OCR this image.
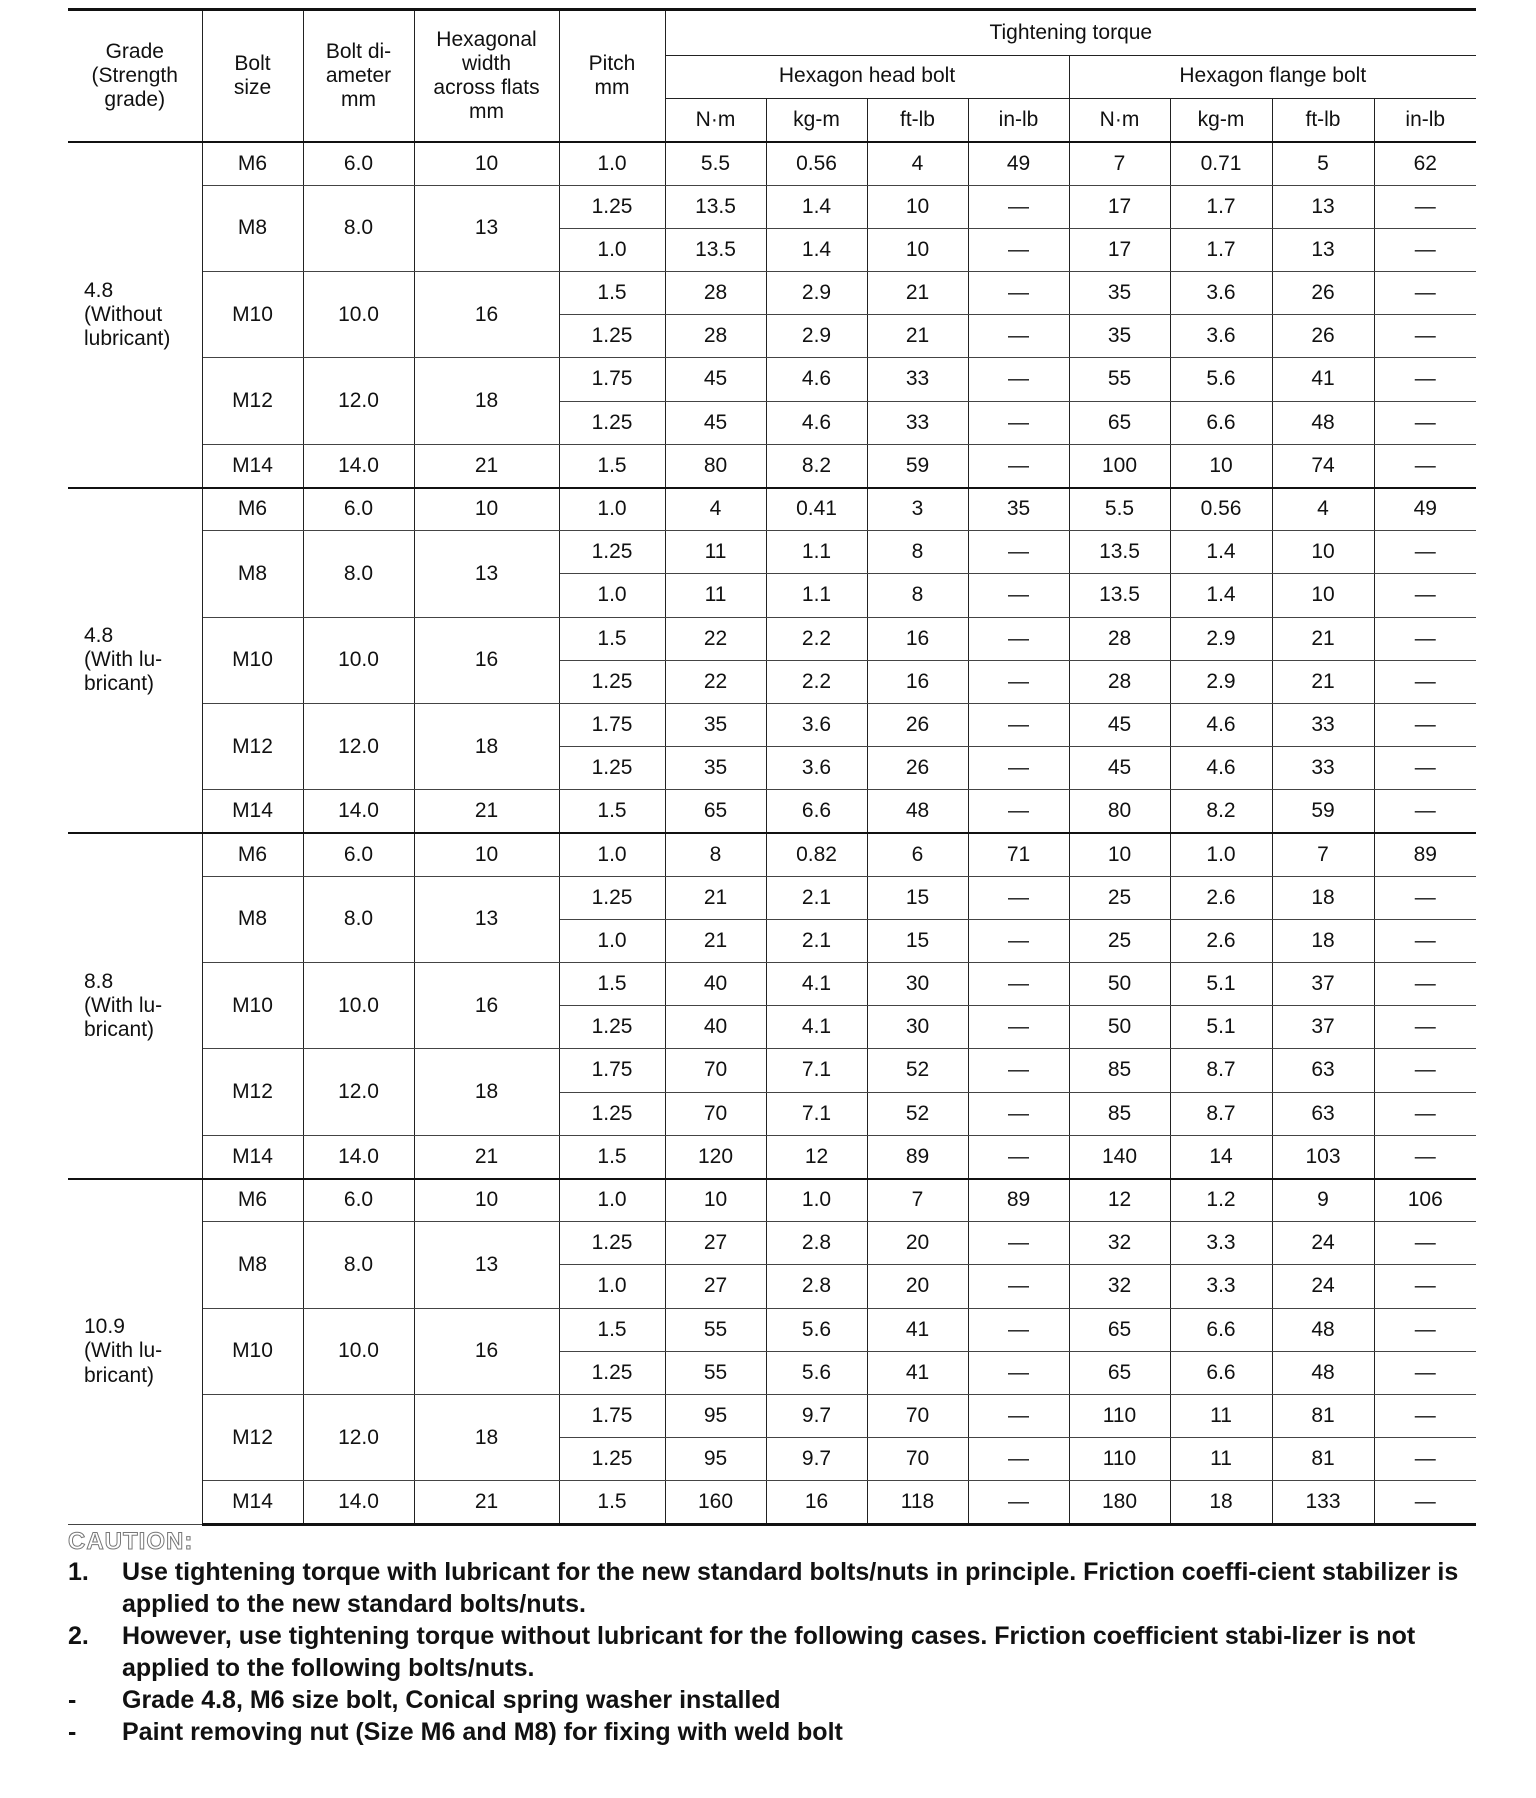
Grade
(Strength
grade)	Bolt
size	Bolt di-
ameter
mm	Hexagonal
width
across flats
mm	Pitch
mm	Tightening torque							
					Hexagon head bolt				Hexagon flange bolt			
					N·m	kg-m	ft-lb	in-lb	N·m	kg-m	ft-lb	in-lb
4.8
(Without
lubricant)	M6	6.0	10	1.0	5.5	0.56	4	49	7	0.71	5	62
	M8	8.0	13	1.25	13.5	1.4	10	—	17	1.7	13	—
				1.0	13.5	1.4	10	—	17	1.7	13	—
	M10	10.0	16	1.5	28	2.9	21	—	35	3.6	26	—
				1.25	28	2.9	21	—	35	3.6	26	—
	M12	12.0	18	1.75	45	4.6	33	—	55	5.6	41	—
				1.25	45	4.6	33	—	65	6.6	48	—
	M14	14.0	21	1.5	80	8.2	59	—	100	10	74	—
4.8
(With lu-
bricant)	M6	6.0	10	1.0	4	0.41	3	35	5.5	0.56	4	49
	M8	8.0	13	1.25	11	1.1	8	—	13.5	1.4	10	—
				1.0	11	1.1	8	—	13.5	1.4	10	—
	M10	10.0	16	1.5	22	2.2	16	—	28	2.9	21	—
				1.25	22	2.2	16	—	28	2.9	21	—
	M12	12.0	18	1.75	35	3.6	26	—	45	4.6	33	—
				1.25	35	3.6	26	—	45	4.6	33	—
	M14	14.0	21	1.5	65	6.6	48	—	80	8.2	59	—
8.8
(With lu-
bricant)	M6	6.0	10	1.0	8	0.82	6	71	10	1.0	7	89
	M8	8.0	13	1.25	21	2.1	15	—	25	2.6	18	—
				1.0	21	2.1	15	—	25	2.6	18	—
	M10	10.0	16	1.5	40	4.1	30	—	50	5.1	37	—
				1.25	40	4.1	30	—	50	5.1	37	—
	M12	12.0	18	1.75	70	7.1	52	—	85	8.7	63	—
				1.25	70	7.1	52	—	85	8.7	63	—
	M14	14.0	21	1.5	120	12	89	—	140	14	103	—
10.9
(With lu-
bricant)	M6	6.0	10	1.0	10	1.0	7	89	12	1.2	9	106
	M8	8.0	13	1.25	27	2.8	20	—	32	3.3	24	—
				1.0	27	2.8	20	—	32	3.3	24	—
	M10	10.0	16	1.5	55	5.6	41	—	65	6.6	48	—
				1.25	55	5.6	41	—	65	6.6	48	—
	M12	12.0	18	1.75	95	9.7	70	—	110	11	81	—
				1.25	95	9.7	70	—	110	11	81	—
	M14	14.0	21	1.5	160	16	118	—	180	18	133	—
CAUTION:
1.	Use tightening torque with lubricant for the new standard bolts/nuts in principle. Friction coeffi-cient stabilizer is applied to the new standard bolts/nuts.
2.	However, use tightening torque without lubricant for the following cases. Friction coefficient stabi-lizer is not applied to the following bolts/nuts.
-	Grade 4.8, M6 size bolt, Conical spring washer installed
-	Paint removing nut (Size M6 and M8) for fixing with weld bolt
